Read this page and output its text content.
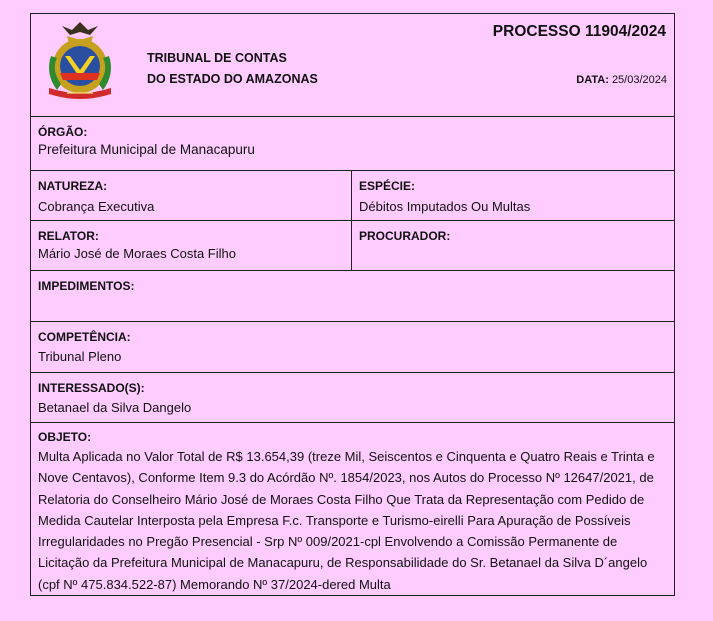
TRIBUNAL DE CONTAS
DO ESTADO DO AMAZONAS
PROCESSO 11904/2024
DATA: 25/03/2024
ÓRGÃO:
Prefeitura Municipal de Manacapuru
NATUREZA:
Cobrança Executiva
ESPÉCIE:
Débitos Imputados Ou Multas
RELATOR:
Mário José de Moraes Costa Filho
PROCURADOR:
IMPEDIMENTOS:
COMPETÊNCIA:
Tribunal Pleno
INTERESSADO(S):
Betanael da Silva Dangelo
OBJETO:
Multa Aplicada no Valor Total de R$ 13.654,39 (treze Mil, Seiscentos e Cinquenta e Quatro Reais e Trinta e
Nove Centavos), Conforme Item 9.3 do Acórdão Nº. 1854/2023, nos Autos do Processo Nº 12647/2021, de
Relatoria do Conselheiro Mário José de Moraes Costa Filho Que Trata da Representação com Pedido de
Medida Cautelar Interposta pela Empresa F.c. Transporte e Turismo-eirelli Para Apuração de Possíveis
Irregularidades no Pregão Presencial - Srp Nº 009/2021-cpl Envolvendo a Comissão Permanente de
Licitação da Prefeitura Municipal de Manacapuru, de Responsabilidade do Sr. Betanael da Silva D´angelo
(cpf Nº 475.834.522-87) Memorando Nº 37/2024-dered Multa
